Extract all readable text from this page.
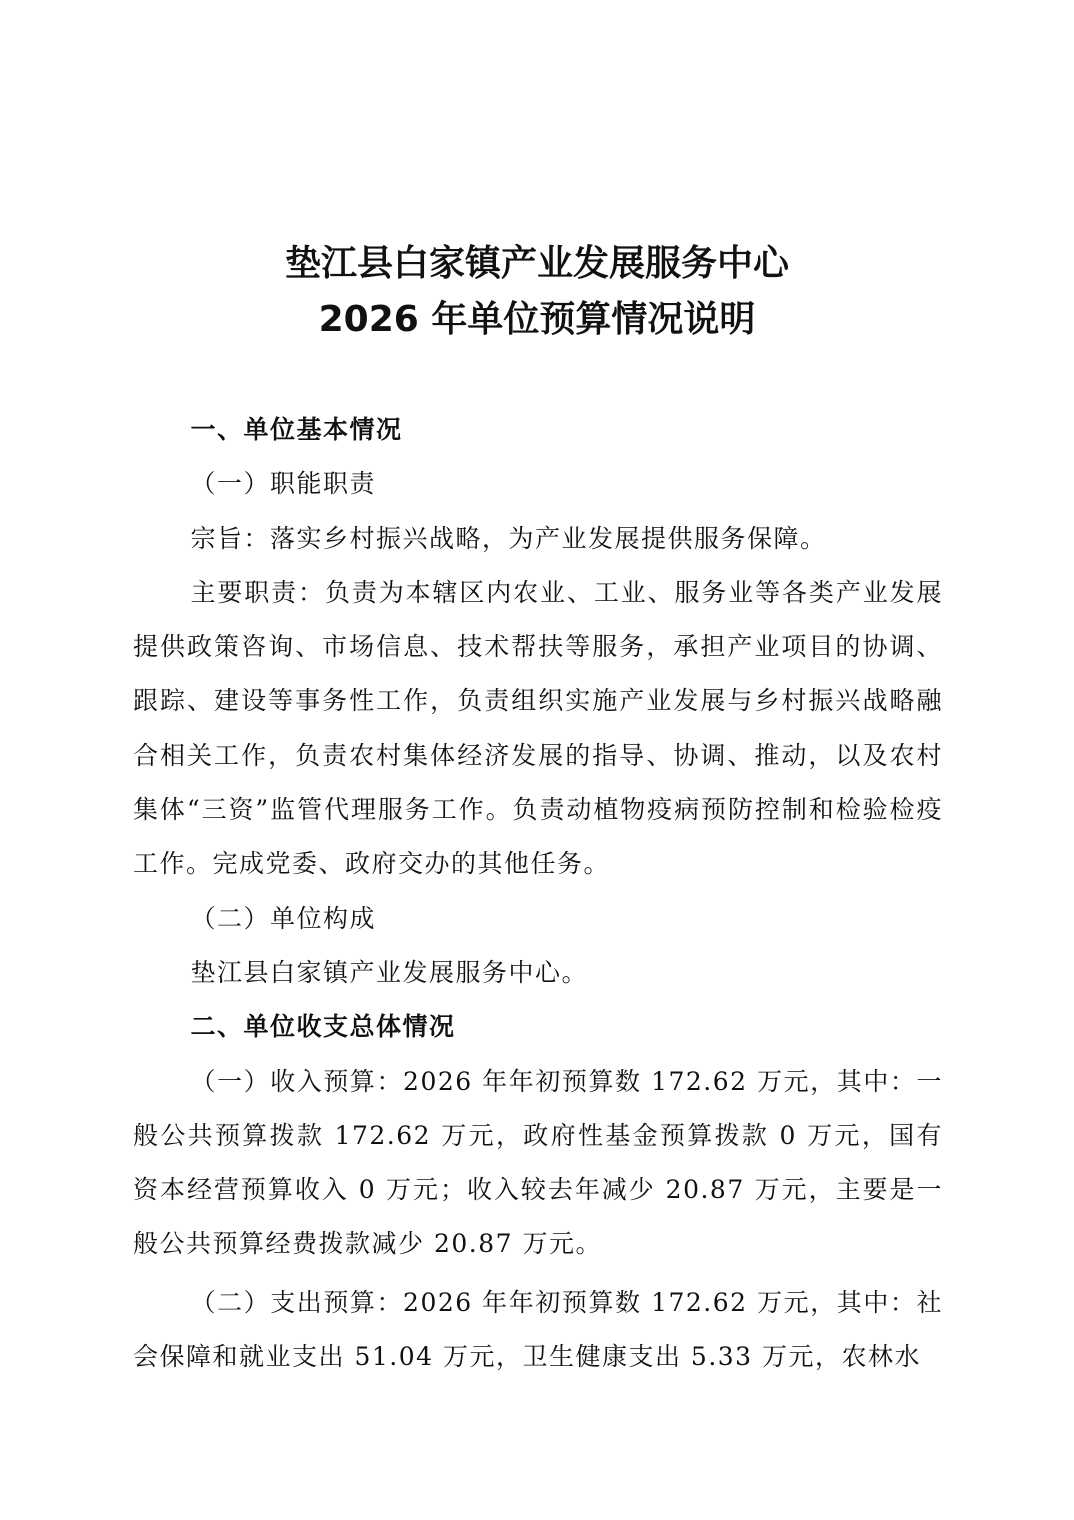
垫江县白家镇产业发展服务中心
2026 年单位预算情况说明

一、单位基本情况

（一）职能职责

宗旨：落实乡村振兴战略，为产业发展提供服务保障。

主要职责：负责为本辖区内农业、工业、服务业等各类产业发展提供政策咨询、市场信息、技术帮扶等服务，承担产业项目的协调、跟踪、建设等事务性工作，负责组织实施产业发展与乡村振兴战略融合相关工作，负责农村集体经济发展的指导、协调、推动，以及农村集体“三资”监管代理服务工作。负责动植物疫病预防控制和检验检疫工作。完成党委、政府交办的其他任务。

（二）单位构成

垫江县白家镇产业发展服务中心。

二、单位收支总体情况

（一）收入预算：2026 年年初预算数 172.62 万元，其中：一般公共预算拨款 172.62 万元，政府性基金预算拨款 0 万元，国有资本经营预算收入 0 万元；收入较去年减少 20.87 万元，主要是一般公共预算经费拨款减少 20.87 万元。

（二）支出预算：2026 年年初预算数 172.62 万元，其中：社会保障和就业支出 51.04 万元，卫生健康支出 5.33 万元，农林水
